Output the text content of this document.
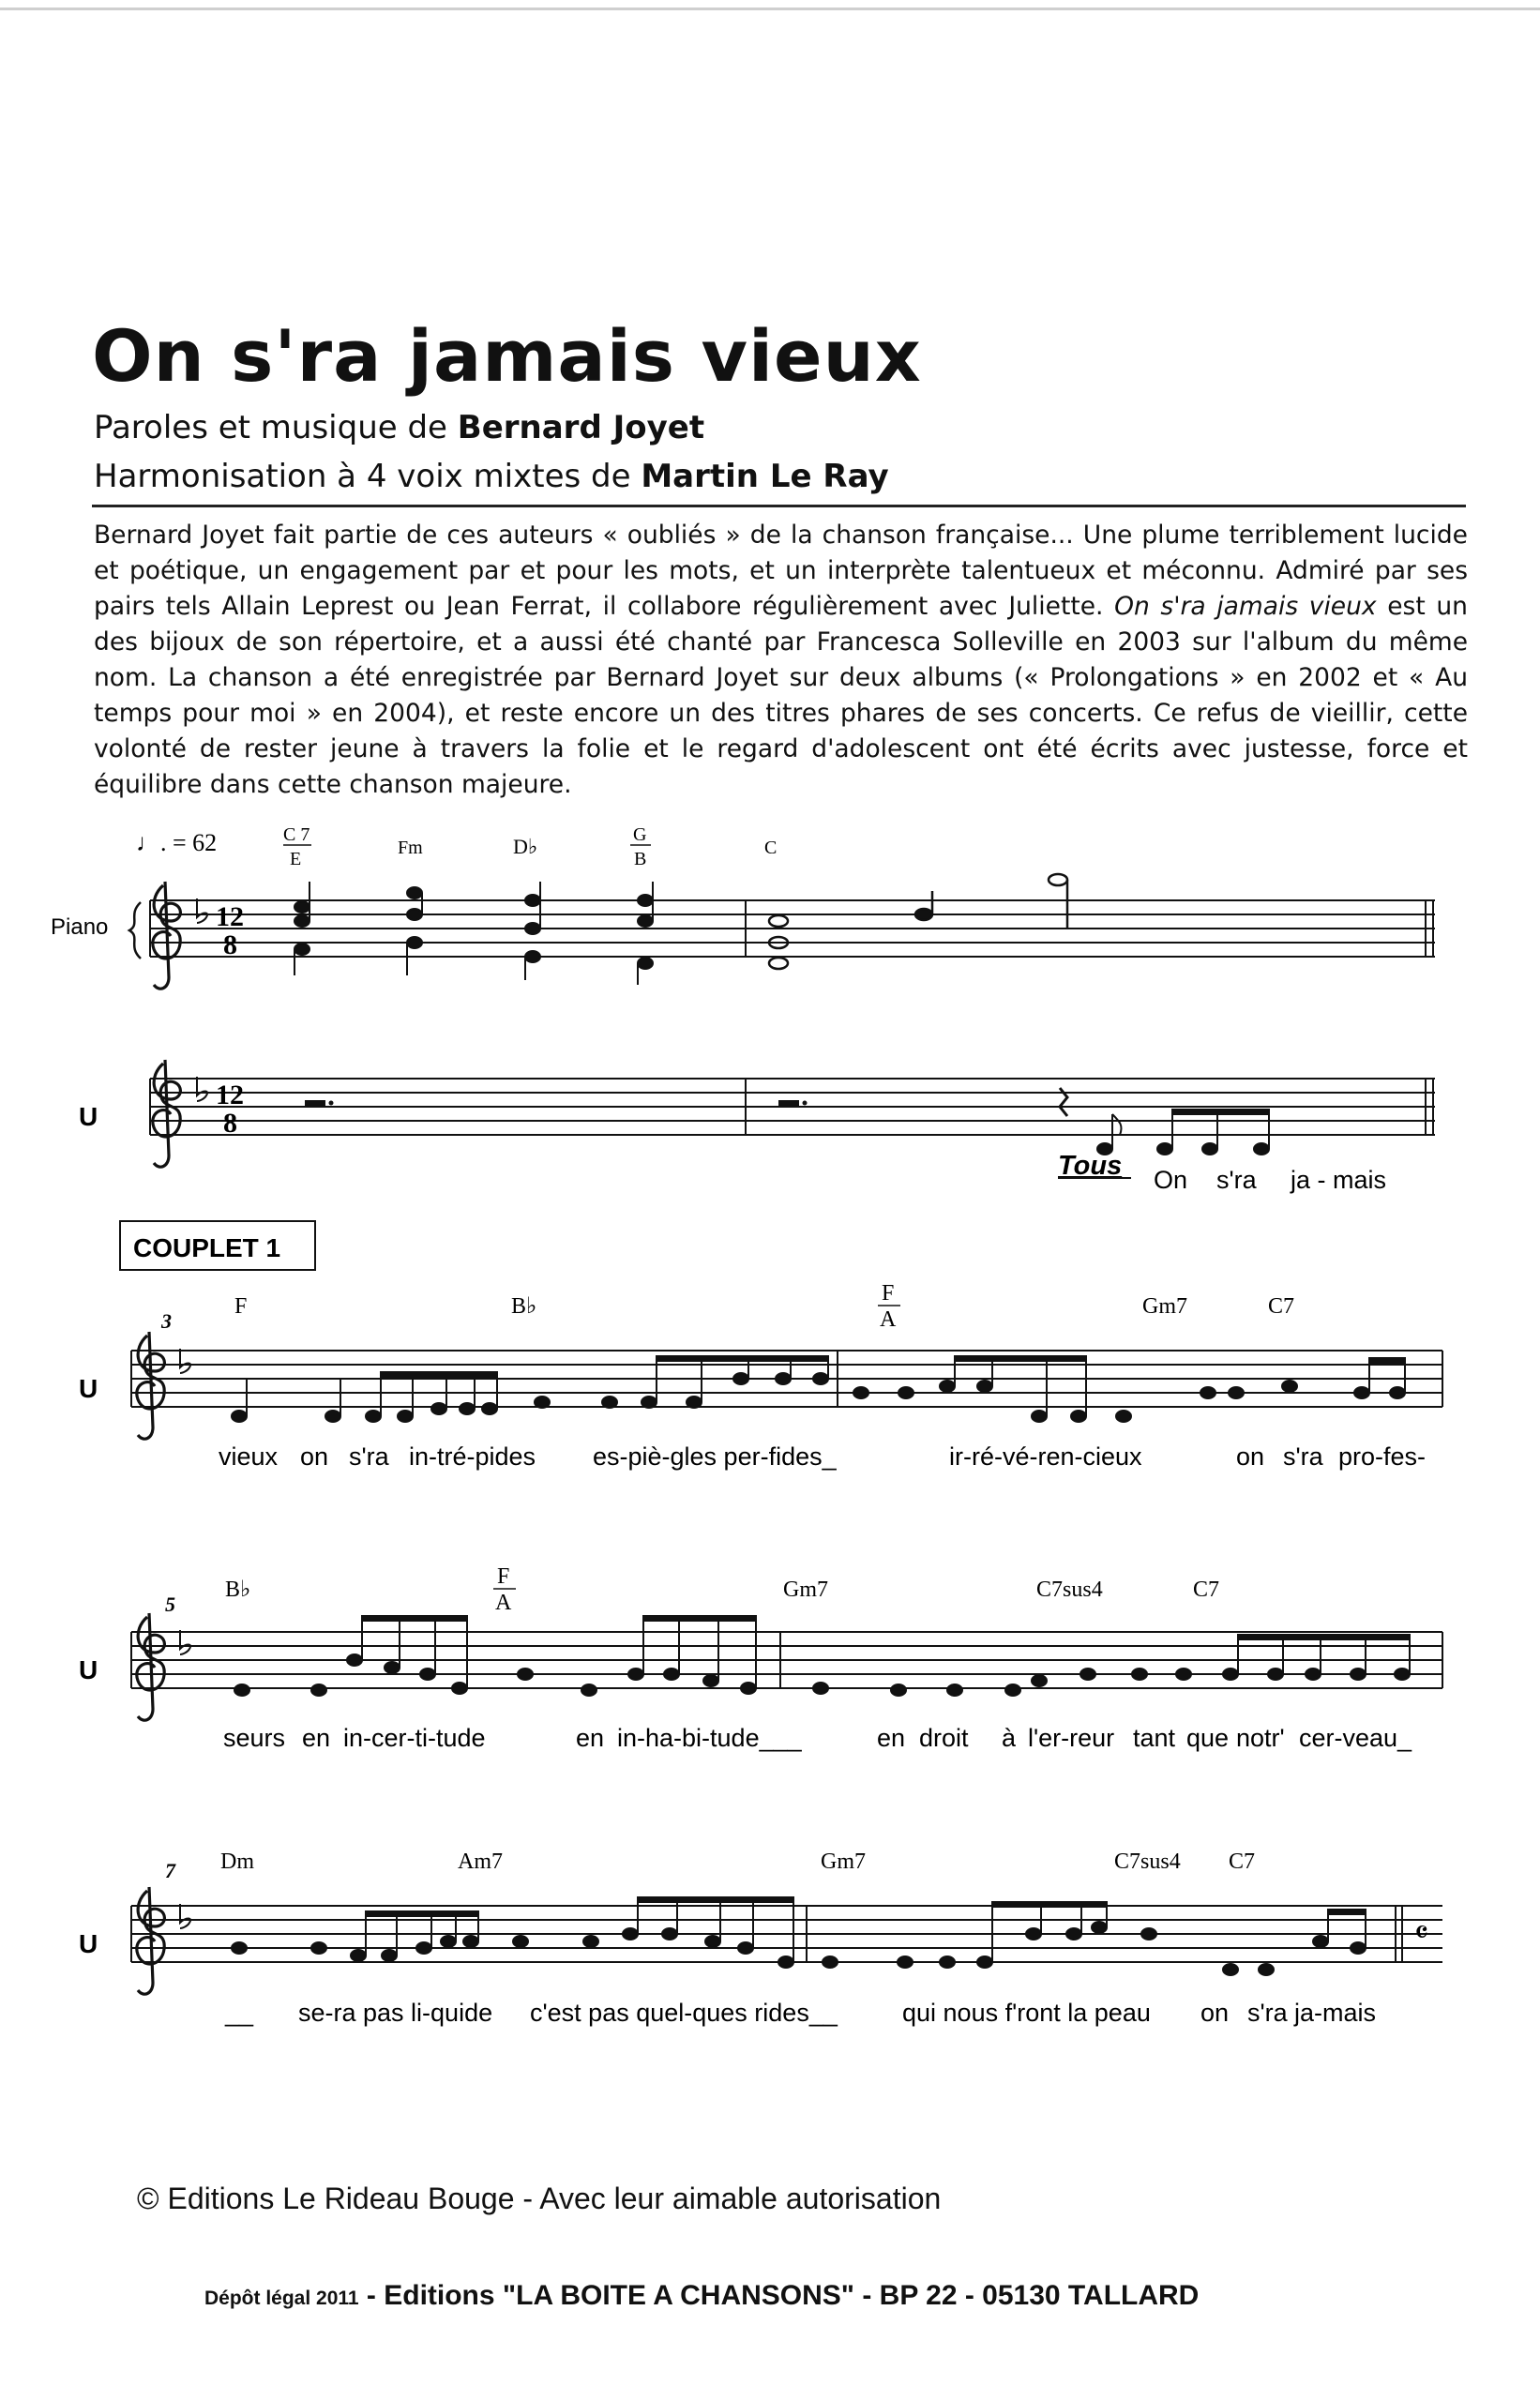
On s'ra jamais vieux
Paroles et musique de Bernard Joyet
Harmonisation à 4 voix mixtes de Martin Le Ray

Bernard Joyet fait partie de ces auteurs « oubliés » de la chanson française... Une plume terriblement lucide et poétique, un engagement par et pour les mots, et un interprète talentueux et méconnu. Admiré par ses pairs tels Allain Leprest ou Jean Ferrat, il collabore régulièrement avec Juliette. On s'ra jamais vieux est un des bijoux de son répertoire, et a aussi été chanté par Francesca Solleville en 2003 sur l'album du même nom. La chanson a été enregistrée par Bernard Joyet sur deux albums (« Prolongations » en 2002 et « Au temps pour moi » en 2004), et reste encore un des titres phares de ses concerts. Ce refus de vieillir, cette volonté de rester jeune à travers la folie et le regard d'adolescent ont été écrits avec justesse, force et équilibre dans cette chanson majeure.

♩. = 62
Piano
C 7
E
Fm	D♭	G
B
C
12
8
U
12
8
Tous On s'ra ja - mais
COUPLET 1
3
F	B♭
F
A
Gm7	C7
U
vieux on s'ra in-tré-pides es-piè-gles per-fides_	ir-ré-vé-ren-cieux	on s'ra pro-fes-
5
B♭
F
A
Gm7	C7sus4	C7
U
seurs en in-cer-ti-tude	en in-ha-bi-tude___	en droit à l'er-reur tant que notr' cer-veau_
7 Dm	Am7	Gm7	C7sus4 C7
U	𝄴
__ se-ra pas li-quide c'est pas quel-ques rides__	qui nous f'ront la peau on s'ra ja-mais
© Editions Le Rideau Bouge - Avec leur aimable autorisation
Dépôt légal 2011 - Editions "LA BOITE A CHANSONS" - BP 22 - 05130 TALLARD
